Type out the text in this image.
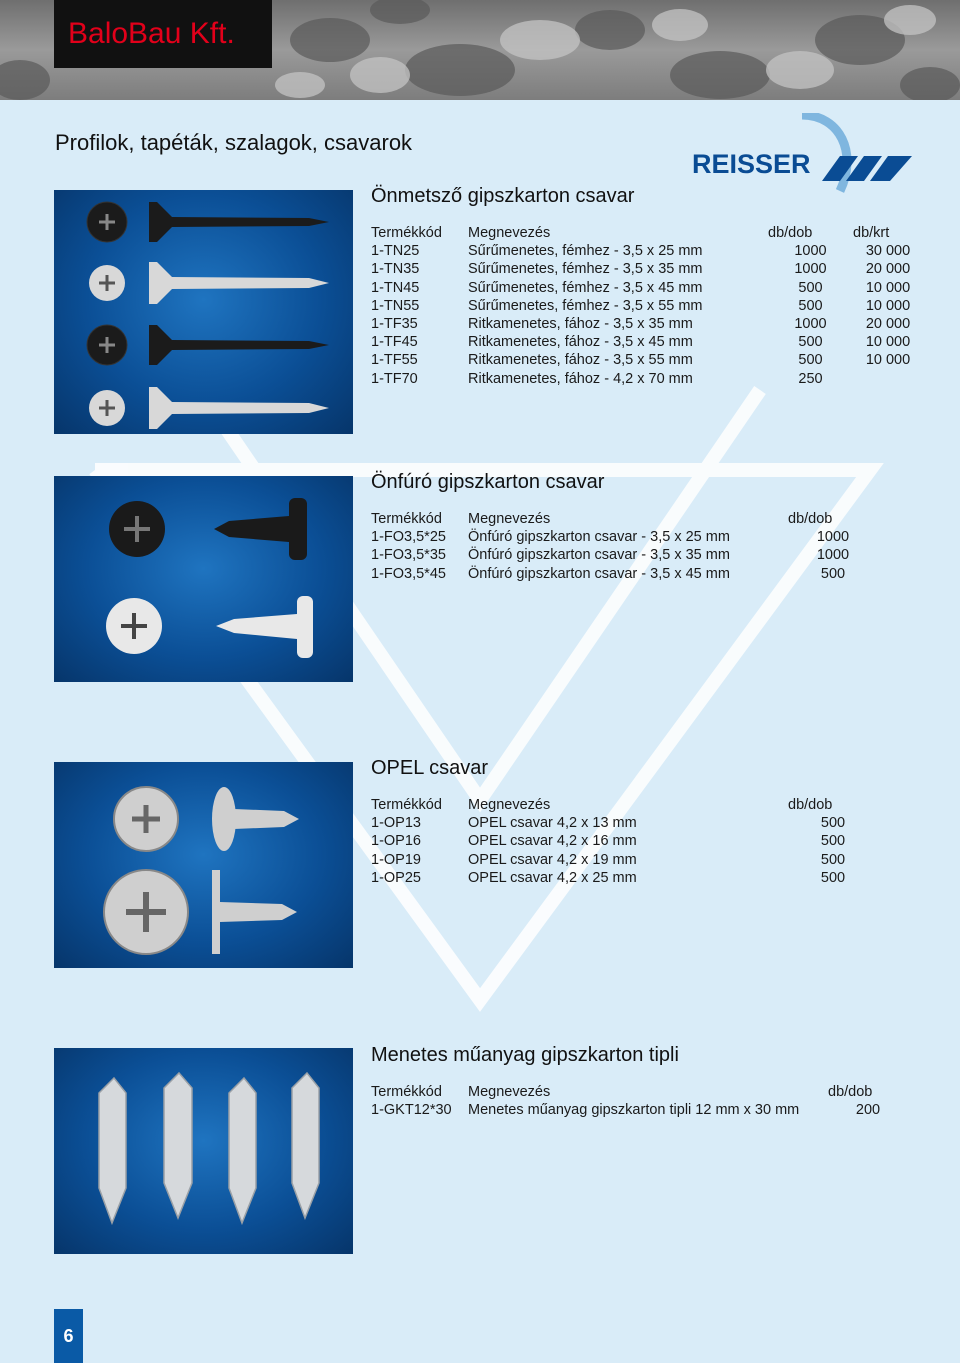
BaloBau Kft.
Profilok, tapéták, szalagok, csavarok
REISSER
Önmetsző gipszkarton csavar
Termékkód	Megnevezés	db/dob	db/krt
1-TN25	Sűrűmenetes, fémhez - 3,5 x 25 mm	1000	30 000
1-TN35	Sűrűmenetes, fémhez - 3,5 x 35 mm	1000	20 000
1-TN45	Sűrűmenetes, fémhez - 3,5 x 45 mm	500	10 000
1-TN55	Sűrűmenetes, fémhez - 3,5 x 55 mm	500	10 000
1-TF35	Ritkamenetes, fához - 3,5 x 35 mm	1000	20 000
1-TF45	Ritkamenetes, fához - 3,5 x 45 mm	500	10 000
1-TF55	Ritkamenetes, fához - 3,5 x 55 mm	500	10 000
1-TF70	Ritkamenetes, fához - 4,2 x 70 mm	250	
Önfúró gipszkarton csavar
Termékkód	Megnevezés	db/dob
1-FO3,5*25	Önfúró gipszkarton csavar - 3,5 x 25 mm	1000
1-FO3,5*35	Önfúró gipszkarton csavar - 3,5 x 35 mm	1000
1-FO3,5*45	Önfúró gipszkarton csavar - 3,5 x 45 mm	500
OPEL csavar
Termékkód	Megnevezés	db/dob
1-OP13	OPEL csavar 4,2 x 13 mm	500
1-OP16	OPEL csavar 4,2 x 16 mm	500
1-OP19	OPEL csavar 4,2 x 19 mm	500
1-OP25	OPEL csavar 4,2 x 25 mm	500
Menetes műanyag gipszkarton tipli
Termékkód	Megnevezés	db/dob
1-GKT12*30	Menetes műanyag gipszkarton tipli 12 mm x 30 mm	200
6
